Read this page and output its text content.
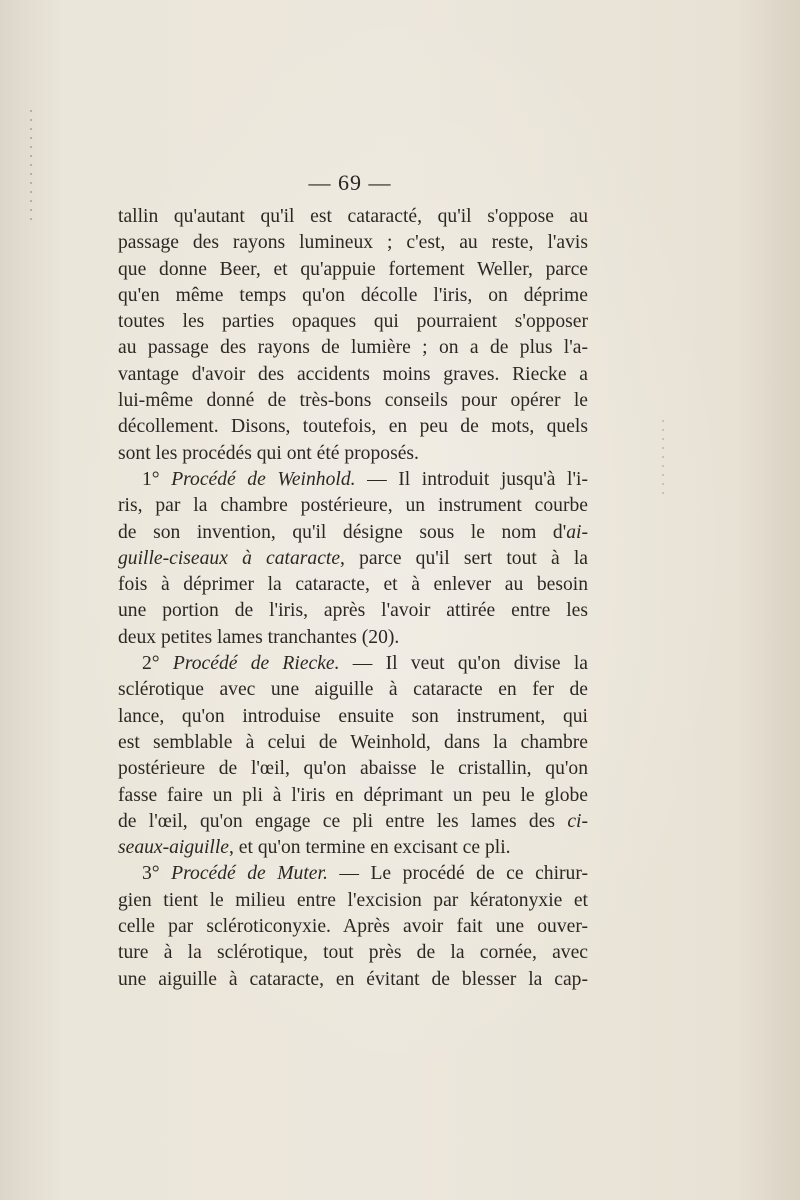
— 69 —
tallin qu'autant qu'il est cataracté, qu'il s'oppose au
passage des rayons lumineux ; c'est, au reste, l'avis
que donne Beer, et qu'appuie fortement Weller, parce
qu'en même temps qu'on décolle l'iris, on déprime
toutes les parties opaques qui pourraient s'opposer
au passage des rayons de lumière ; on a de plus l'a-
vantage d'avoir des accidents moins graves. Riecke a
lui-même donné de très-bons conseils pour opérer le
décollement. Disons, toutefois, en peu de mots, quels
sont les procédés qui ont été proposés.
1° Procédé de Weinhold. — Il introduit jusqu'à l'i-
ris, par la chambre postérieure, un instrument courbe
de son invention, qu'il désigne sous le nom d'ai-
guille-ciseaux à cataracte, parce qu'il sert tout à la
fois à déprimer la cataracte, et à enlever au besoin
une portion de l'iris, après l'avoir attirée entre les
deux petites lames tranchantes (20).
2° Procédé de Riecke. — Il veut qu'on divise la
sclérotique avec une aiguille à cataracte en fer de
lance, qu'on introduise ensuite son instrument, qui
est semblable à celui de Weinhold, dans la chambre
postérieure de l'œil, qu'on abaisse le cristallin, qu'on
fasse faire un pli à l'iris en déprimant un peu le globe
de l'œil, qu'on engage ce pli entre les lames des ci-
seaux-aiguille, et qu'on termine en excisant ce pli.
3° Procédé de Muter. — Le procédé de ce chirur-
gien tient le milieu entre l'excision par kératonyxie et
celle par scléroticonyxie. Après avoir fait une ouver-
ture à la sclérotique, tout près de la cornée, avec
une aiguille à cataracte, en évitant de blesser la cap-
